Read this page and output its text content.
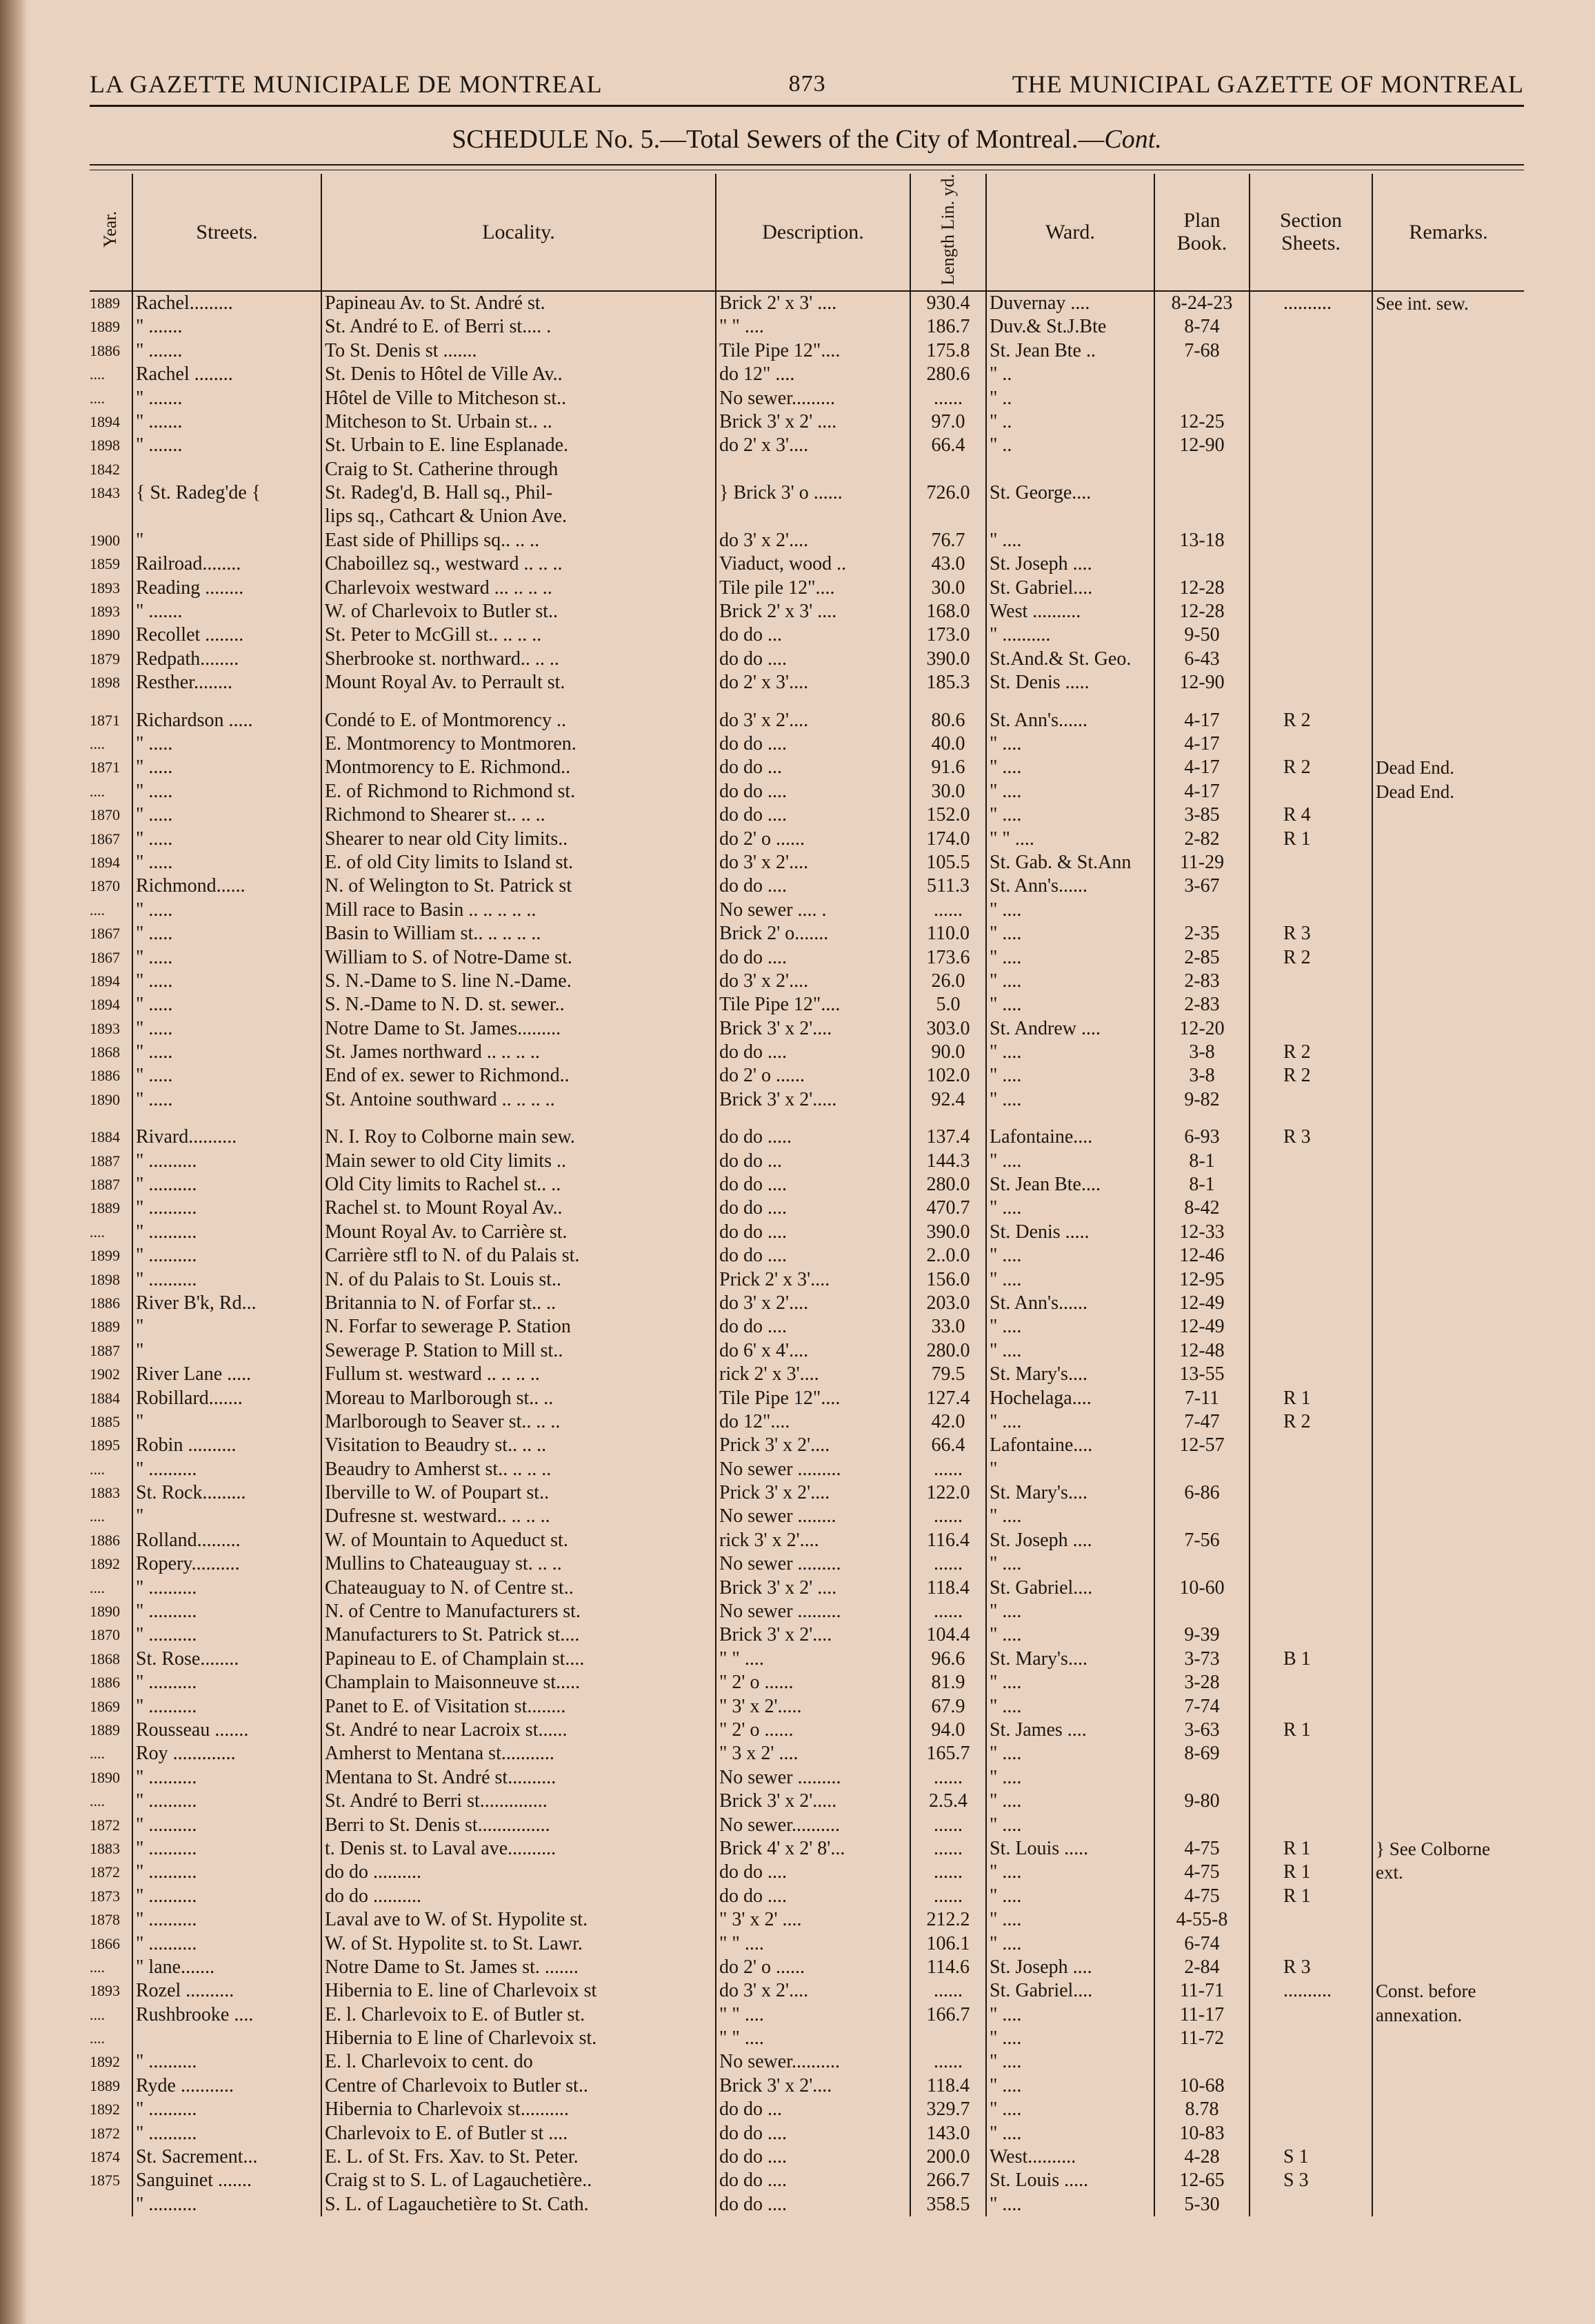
LA GAZETTE MUNICIPALE DE MONTREAL	873	THE MUNICIPAL GAZETTE OF MONTREAL
SCHEDULE No. 5.—Total Sewers of the City of Montreal.—Cont.
Year.	Streets.	Locality.	Description.	Length Lin. yd.	Ward.	Plan Book.	Section Sheets.	Remarks.
1889	Rachel.........	Papineau Av. to St. André st.	Brick 2' x 3' ....	930.4	Duvernay ....	8-24-23	..........	See int. sew.
1889	" .......	St. André to E. of Berri st.... .	" " ....	186.7	Duv.& St.J.Bte	8-74		
1886	" .......	To St. Denis st .......	Tile Pipe 12"....	175.8	St. Jean Bte ..	7-68		
....	Rachel ........	St. Denis to Hôtel de Ville Av..	do 12" ....	280.6	" ..			
....	" .......	Hôtel de Ville to Mitcheson st..	No sewer.........	......	" ..			
1894	" .......	Mitcheson to St. Urbain st.. ..	Brick 3' x 2' ....	97.0	" ..	12-25		
1898	" .......	St. Urbain to E. line Esplanade.	do 2' x 3'....	66.4	" ..	12-90		
1842		Craig to St. Catherine through						
1843	{ St. Radeg'de {	St. Radeg'd, B. Hall sq., Phil-	} Brick 3' o ......	726.0	St. George....			
		lips sq., Cathcart & Union Ave.						
1900	"	East side of Phillips sq.. .. ..	do 3' x 2'....	76.7	" ....	13-18		
1859	Railroad........	Chaboillez sq., westward .. .. ..	Viaduct, wood ..	43.0	St. Joseph ....			
1893	Reading ........	Charlevoix westward ... .. .. ..	Tile pile 12"....	30.0	St. Gabriel....	12-28		
1893	" .......	W. of Charlevoix to Butler st..	Brick 2' x 3' ....	168.0	West ..........	12-28		
1890	Recollet ........	St. Peter to McGill st.. .. .. ..	do do ...	173.0	" ..........	9-50		
1879	Redpath........	Sherbrooke st. northward.. .. ..	do do ....	390.0	St.And.& St. Geo.	6-43		
1898	Resther........	Mount Royal Av. to Perrault st.	do 2' x 3'....	185.3	St. Denis .....	12-90		

1871	Richardson .....	Condé to E. of Montmorency ..	do 3' x 2'....	80.6	St. Ann's......	4-17	R 2	
....	" .....	E. Montmorency to Montmoren.	do do ....	40.0	" ....	4-17		
1871	" .....	Montmorency to E. Richmond..	do do ...	91.6	" ....	4-17	R 2	Dead End.
....	" .....	E. of Richmond to Richmond st.	do do ....	30.0	" ....	4-17		Dead End.
1870	" .....	Richmond to Shearer st.. .. ..	do do ....	152.0	" ....	3-85	R 4	
1867	" .....	Shearer to near old City limits..	do 2' o ......	174.0	" " ....	2-82	R 1	
1894	" .....	E. of old City limits to Island st.	do 3' x 2'....	105.5	St. Gab. & St.Ann	11-29		
1870	Richmond......	N. of Welington to St. Patrick st	do do ....	511.3	St. Ann's......	3-67		
....	" .....	Mill race to Basin .. .. .. .. ..	No sewer .... .	......	" ....			
1867	" .....	Basin to William st.. .. .. .. ..	Brick 2' o.......	110.0	" ....	2-35	R 3	
1867	" .....	William to S. of Notre-Dame st.	do do ....	173.6	" ....	2-85	R 2	
1894	" .....	S. N.-Dame to S. line N.-Dame.	do 3' x 2'....	26.0	" ....	2-83		
1894	" .....	S. N.-Dame to N. D. st. sewer..	Tile Pipe 12"....	5.0	" ....	2-83		
1893	" .....	Notre Dame to St. James.........	Brick 3' x 2'....	303.0	St. Andrew ....	12-20		
1868	" .....	St. James northward .. .. .. ..	do do ....	90.0	" ....	3-8	R 2	
1886	" .....	End of ex. sewer to Richmond..	do 2' o ......	102.0	" ....	3-8	R 2	
1890	" .....	St. Antoine southward .. .. .. ..	Brick 3' x 2'.....	92.4	" ....	9-82		

1884	Rivard..........	N. I. Roy to Colborne main sew.	do do .....	137.4	Lafontaine....	6-93	R 3	
1887	" ..........	Main sewer to old City limits ..	do do ...	144.3	" ....	8-1		
1887	" ..........	Old City limits to Rachel st.. ..	do do ....	280.0	St. Jean Bte....	8-1		
1889	" ..........	Rachel st. to Mount Royal Av..	do do ....	470.7	" ....	8-42		
....	" ..........	Mount Royal Av. to Carrière st.	do do ....	390.0	St. Denis .....	12-33		
1899	" ..........	Carrière stfl to N. of du Palais st.	do do ....	2..0.0	" ....	12-46		
1898	" ..........	N. of du Palais to St. Louis st..	Prick 2' x 3'....	156.0	" ....	12-95		
1886	River B'k, Rd...	Britannia to N. of Forfar st.. ..	do 3' x 2'....	203.0	St. Ann's......	12-49		
1889	"	N. Forfar to sewerage P. Station	do do ....	33.0	" ....	12-49		
1887	"	Sewerage P. Station to Mill st..	do 6' x 4'....	280.0	" ....	12-48		
1902	River Lane .....	Fullum st. westward .. .. .. ..	rick 2' x 3'....	79.5	St. Mary's....	13-55		
1884	Robillard.......	Moreau to Marlborough st.. ..	Tile Pipe 12"....	127.4	Hochelaga....	7-11	R 1	
1885	"	Marlborough to Seaver st.. .. ..	do 12"....	42.0	" ....	7-47	R 2	
1895	Robin ..........	Visitation to Beaudry st.. .. ..	Prick 3' x 2'....	66.4	Lafontaine....	12-57		
....	" ..........	Beaudry to Amherst st.. .. .. ..	No sewer .........	......	"			
1883	St. Rock.........	Iberville to W. of Poupart st..	Prick 3' x 2'....	122.0	St. Mary's....	6-86		
....	"	Dufresne st. westward.. .. .. ..	No sewer ........	......	" ....			
1886	Rolland.........	W. of Mountain to Aqueduct st.	rick 3' x 2'....	116.4	St. Joseph ....	7-56		
1892	Ropery..........	Mullins to Chateauguay st. .. ..	No sewer .........	......	" ....			
....	" ..........	Chateauguay to N. of Centre st..	Brick 3' x 2' ....	118.4	St. Gabriel....	10-60		
1890	" ..........	N. of Centre to Manufacturers st.	No sewer .........	......	" ....			
1870	" ..........	Manufacturers to St. Patrick st....	Brick 3' x 2'....	104.4	" ....	9-39		
1868	St. Rose........	Papineau to E. of Champlain st....	" " ....	96.6	St. Mary's....	3-73	B 1	
1886	" ..........	Champlain to Maisonneuve st.....	" 2' o ......	81.9	" ....	3-28		
1869	" ..........	Panet to E. of Visitation st........	" 3' x 2'.....	67.9	" ....	7-74		
1889	Rousseau .......	St. André to near Lacroix st......	" 2' o ......	94.0	St. James ....	3-63	R 1	
....	Roy .............	Amherst to Mentana st...........	" 3 x 2' ....	165.7	" ....	8-69		
1890	" ..........	Mentana to St. André st..........	No sewer .........	......	" ....			
....	" ..........	St. André to Berri st..............	Brick 3' x 2'.....	2.5.4	" ....	9-80		
1872	" ..........	Berri to St. Denis st...............	No sewer..........	......	" ....			
1883	" ..........	t. Denis st. to Laval ave..........	Brick 4' x 2' 8'...	......	St. Louis .....	4-75	R 1	} See Colborne
1872	" ..........	do do ..........	do do ....	......	" ....	4-75	R 1	ext.
1873	" ..........	do do ..........	do do ....	......	" ....	4-75	R 1	
1878	" ..........	Laval ave to W. of St. Hypolite st.	" 3' x 2' ....	212.2	" ....	4-55-8		
1866	" ..........	W. of St. Hypolite st. to St. Lawr.	" " ....	106.1	" ....	6-74		
....	" lane.......	Notre Dame to St. James st. .......	do 2' o ......	114.6	St. Joseph ....	2-84	R 3	
1893	Rozel ..........	Hibernia to E. line of Charlevoix st	do 3' x 2'....	......	St. Gabriel....	11-71	..........	Const. before
....	Rushbrooke ....	E. l. Charlevoix to E. of Butler st.	" " ....	166.7	" ....	11-17		annexation.
....		Hibernia to E line of Charlevoix st.	" " ....		" ....	11-72		
1892	" ..........	E. l. Charlevoix to cent. do	No sewer..........	......	" ....			
1889	Ryde ...........	Centre of Charlevoix to Butler st..	Brick 3' x 2'....	118.4	" ....	10-68		
1892	" ..........	Hibernia to Charlevoix st..........	do do ...	329.7	" ....	8.78		
1872	" ..........	Charlevoix to E. of Butler st ....	do do ....	143.0	" ....	10-83		
1874	St. Sacrement...	E. L. of St. Frs. Xav. to St. Peter.	do do ....	200.0	West..........	4-28	S 1	
1875	Sanguinet .......	Craig st to S. L. of Lagauchetière..	do do ....	266.7	St. Louis .....	12-65	S 3	
	" ..........	S. L. of Lagauchetière to St. Cath.	do do ....	358.5	" ....	5-30		
